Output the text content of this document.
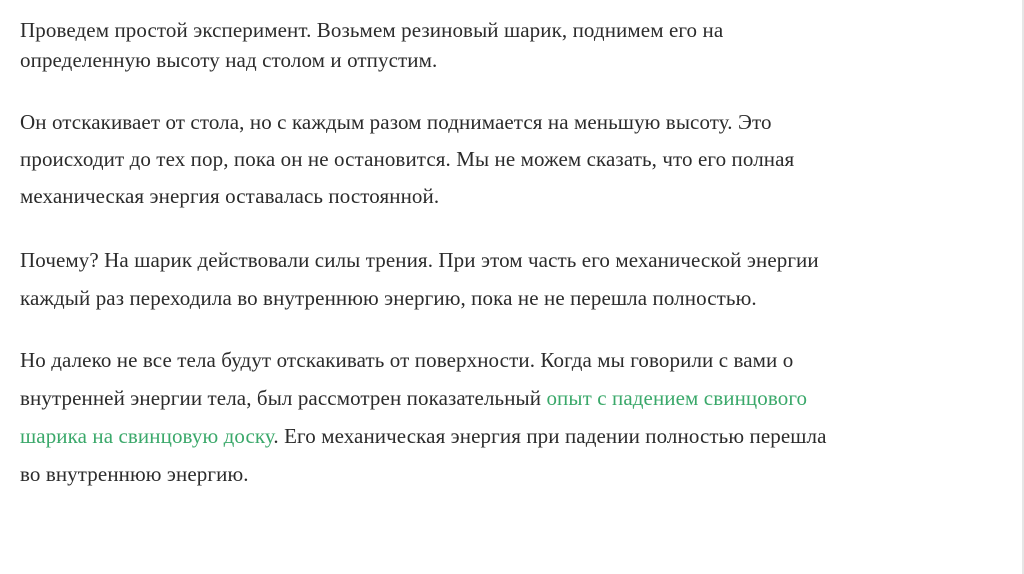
Проведем простой эксперимент. Возьмем резиновый шарик, поднимем его на
определенную высоту над столом и отпустим.

Он отскакивает от стола, но с каждым разом поднимается на меньшую высоту. Это
происходит до тех пор, пока он не остановится. Мы не можем сказать, что его полная
механическая энергия оставалась постоянной.

Почему? На шарик действовали силы трения. При этом часть его механической энергии
каждый раз переходила во внутреннюю энергию, пока не не перешла полностью.

Но далеко не все тела будут отскакивать от поверхности. Когда мы говорили с вами о
внутренней энергии тела, был рассмотрен показательный опыт с падением свинцового
шарика на свинцовую доску. Его механическая энергия при падении полностью перешла
во внутреннюю энергию.
